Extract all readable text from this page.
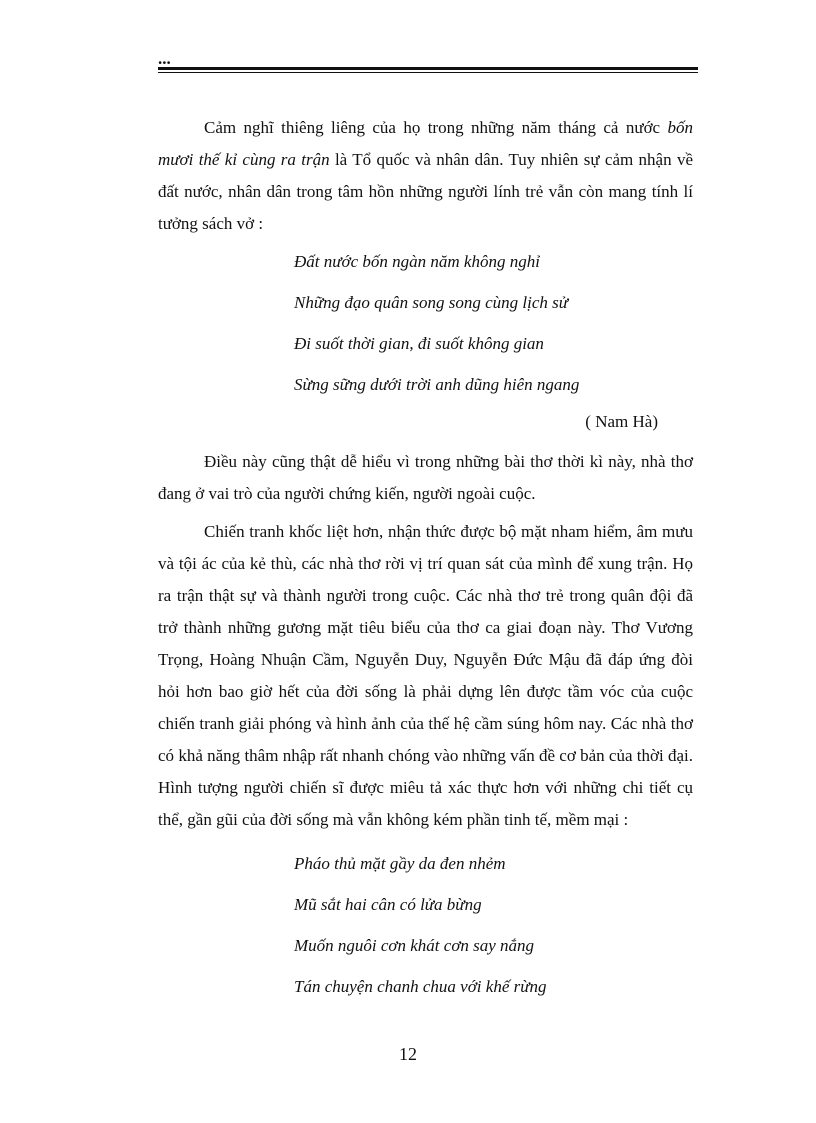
...

Cảm nghĩ thiêng liêng của họ trong những năm tháng cả nước bốn mươi thế kỉ cùng ra trận là Tổ quốc và nhân dân. Tuy nhiên sự cảm nhận về đất nước, nhân dân trong tâm hồn những người lính trẻ vẫn còn mang tính lí tưởng sách vở :

Đất nước bốn ngàn năm không nghỉ
Những đạo quân song song cùng lịch sử
Đi suốt thời gian, đi suốt không gian
Sừng sững dưới trời anh dũng hiên ngang
( Nam Hà)

Điều này cũng thật dễ hiểu vì trong những bài thơ thời kì này, nhà thơ đang ở vai trò của người chứng kiến, người ngoài cuộc.

Chiến tranh khốc liệt hơn, nhận thức được bộ mặt nham hiểm, âm mưu và tội ác của kẻ thù, các nhà thơ rời vị trí quan sát của mình để xung trận. Họ ra trận thật sự và thành người trong cuộc. Các nhà thơ trẻ trong quân đội đã trở thành những gương mặt tiêu biểu của thơ ca giai đoạn này. Thơ Vương Trọng, Hoàng Nhuận Cầm, Nguyễn Duy, Nguyễn Đức Mậu đã đáp ứng đòi hỏi hơn bao giờ hết của đời sống là phải dựng lên được tầm vóc của cuộc chiến tranh giải phóng và hình ảnh của thế hệ cầm súng hôm nay. Các nhà thơ có khả năng thâm nhập rất nhanh chóng vào những vấn đề cơ bản của thời đại. Hình tượng người chiến sĩ được miêu tả xác thực hơn với những chi tiết cụ thể, gần gũi của đời sống mà vẫn không kém phần tinh tế, mềm mại :

Pháo thủ mặt gầy da đen nhẻm
Mũ sắt hai cân có lửa bừng
Muốn nguôi cơn khát cơn say nắng
Tán chuyện chanh chua với khế rừng
12
